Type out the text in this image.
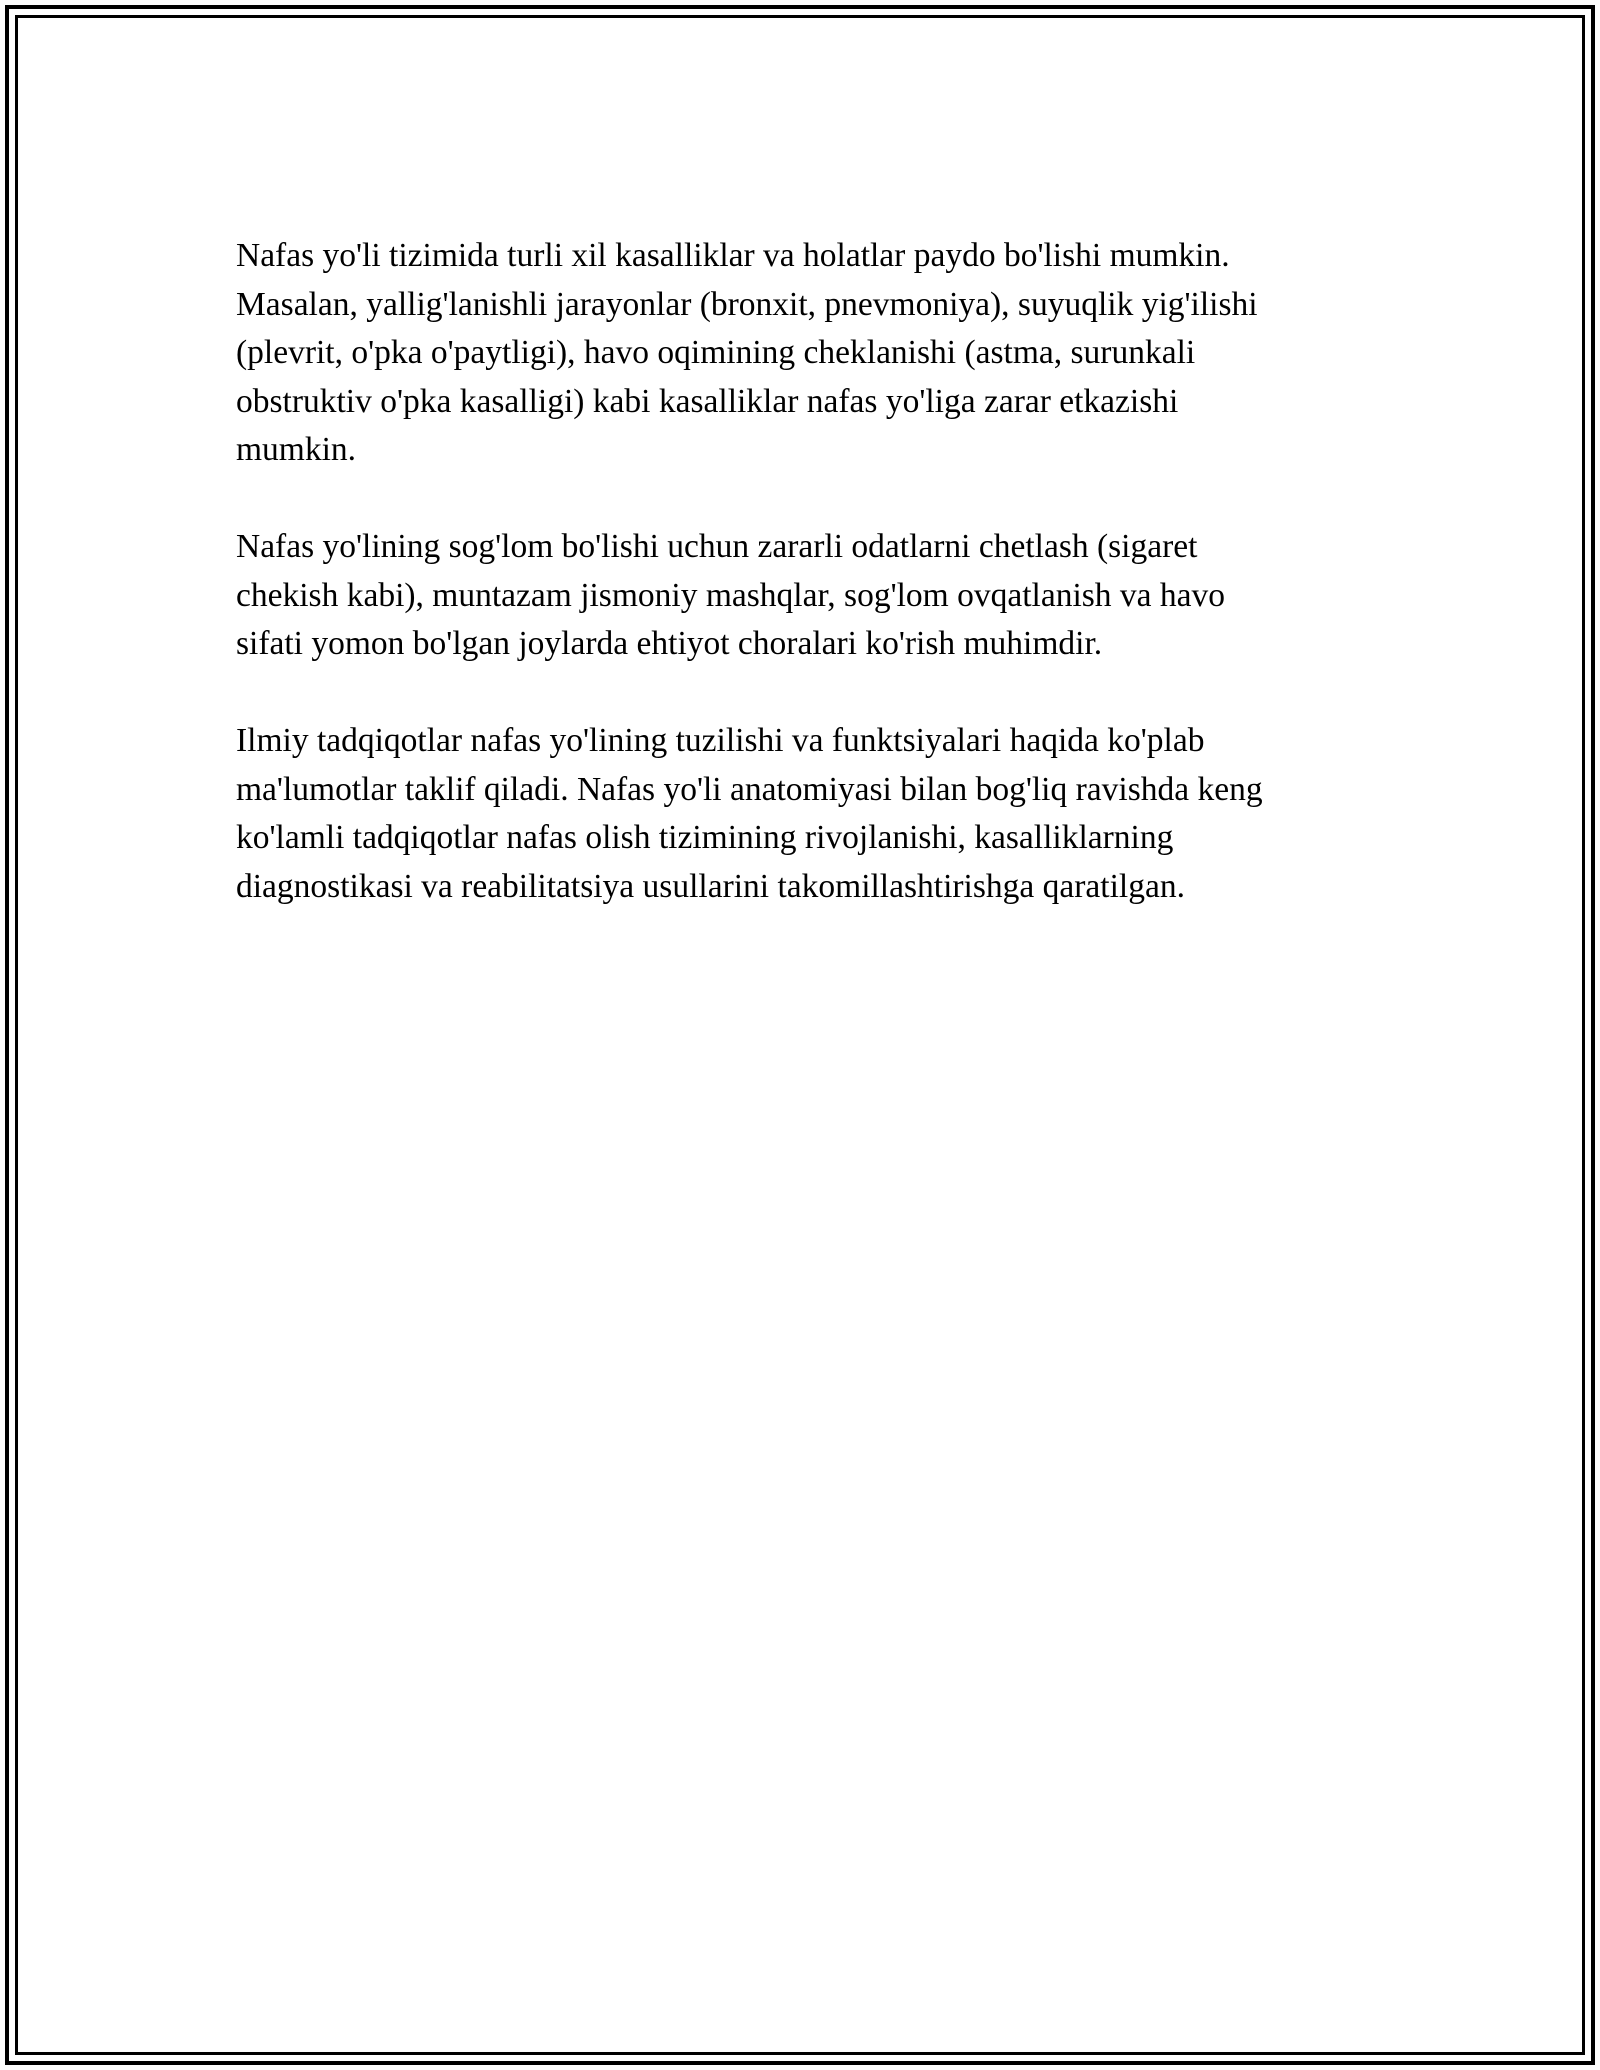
Nafas yo'li tizimida turli xil kasalliklar va holatlar paydo bo'lishi mumkin.
Masalan, yallig'lanishli jarayonlar (bronxit, pnevmoniya), suyuqlik yig'ilishi
(plevrit, o'pka o'paytligi), havo oqimining cheklanishi (astma, surunkali
obstruktiv o'pka kasalligi) kabi kasalliklar nafas yo'liga zarar etkazishi
mumkin.

Nafas yo'lining sog'lom bo'lishi uchun zararli odatlarni chetlash (sigaret
chekish kabi), muntazam jismoniy mashqlar, sog'lom ovqatlanish va havo
sifati yomon bo'lgan joylarda ehtiyot choralari ko'rish muhimdir.

Ilmiy tadqiqotlar nafas yo'lining tuzilishi va funktsiyalari haqida ko'plab
ma'lumotlar taklif qiladi. Nafas yo'li anatomiyasi bilan bog'liq ravishda keng
ko'lamli tadqiqotlar nafas olish tizimining rivojlanishi, kasalliklarning
diagnostikasi va reabilitatsiya usullarini takomillashtirishga qaratilgan.
